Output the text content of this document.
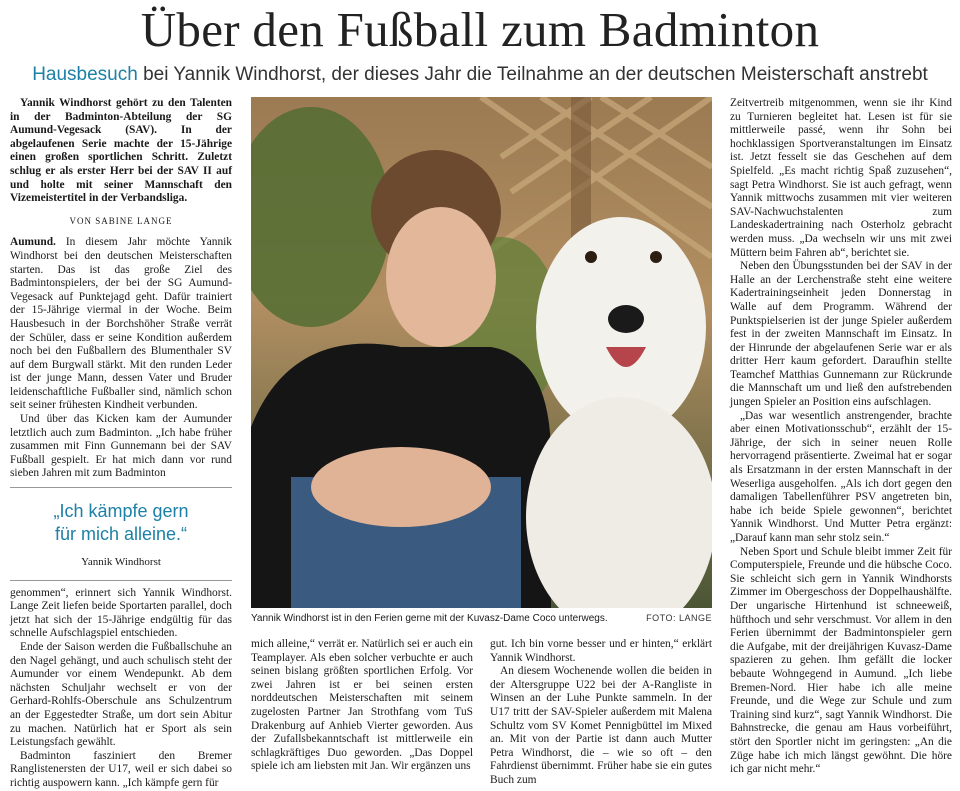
Über den Fußball zum Badminton
Hausbesuch bei Yannik Windhorst, der dieses Jahr die Teilnahme an der deutschen Meisterschaft anstrebt

Yannik Windhorst gehört zu den Talenten in der Badminton-Abteilung der SG Aumund-Vegesack (SAV). In der abgelaufenen Serie machte der 15-Jährige einen großen sportlichen Schritt. Zuletzt schlug er als erster Herr bei der SAV II auf und holte mit seiner Mannschaft den Vizemeistertitel in der Verbandsliga.

VON SABINE LANGE

Aumund. In diesem Jahr möchte Yannik Windhorst bei den deutschen Meisterschaften starten. Das ist das große Ziel des Badmintonspielers, der bei der SG Aumund-Vegesack auf Punktejagd geht. Dafür trainiert der 15-Jährige viermal in der Woche. Beim Hausbesuch in der Borchshöher Straße verrät der Schüler, dass er seine Kondition außerdem noch bei den Fußballern des Blumenthaler SV auf dem Burgwall stärkt. Mit den runden Leder ist der junge Mann, dessen Vater und Bruder leidenschaftliche Fußballer sind, nämlich schon seit seiner frühesten Kindheit verbunden.

Und über das Kicken kam der Aumunder letztlich auch zum Badminton. „Ich habe früher zusammen mit Finn Gunnemann bei der SAV Fußball gespielt. Er hat mich dann vor rund sieben Jahren mit zum Badminton

„Ich kämpfe gern
für mich alleine.“
Yannik Windhorst

genommen“, erinnert sich Yannik Windhorst. Lange Zeit liefen beide Sportarten parallel, doch jetzt hat sich der 15-Jährige endgültig für das schnelle Aufschlagspiel entschieden.

Ende der Saison werden die Fußballschuhe an den Nagel gehängt, und auch schulisch steht der Aumunder vor einem Wendepunkt. Ab dem nächsten Schuljahr wechselt er von der Gerhard-Rohlfs-Oberschule ans Schulzentrum an der Eggestedter Straße, um dort sein Abitur zu machen. Natürlich hat er Sport als sein Leistungsfach gewählt.

Badminton fasziniert den Bremer Ranglistenersten der U17, weil er sich dabei so richtig auspowern kann. „Ich kämpfe gern für

Yannik Windhorst ist in den Ferien gerne mit der Kuvasz-Dame Coco unterwegs.	FOTO: LANGE

mich alleine,“ verrät er. Natürlich sei er auch ein Teamplayer. Als eben solcher verbuchte er auch seinen bislang größten sportlichen Erfolg. Vor zwei Jahren ist er bei seinen ersten norddeutschen Meisterschaften mit seinem zugelosten Partner Jan Strothfang vom TuS Drakenburg auf Anhieb Vierter geworden. Aus der Zufallsbekanntschaft ist mittlerweile ein schlagkräftiges Duo geworden. „Das Doppel spiele ich am liebsten mit Jan. Wir ergänzen uns

gut. Ich bin vorne besser und er hinten,“ erklärt Yannik Windhorst.

An diesem Wochenende wollen die beiden in der Altersgruppe U22 bei der A-Rangliste in Winsen an der Luhe Punkte sammeln. In der U17 tritt der SAV-Spieler außerdem mit Malena Schultz vom SV Komet Pennigbüttel im Mixed an. Mit von der Partie ist dann auch Mutter Petra Windhorst, die – wie so oft – den Fahrdienst übernimmt. Früher habe sie ein gutes Buch zum

Zeitvertreib mitgenommen, wenn sie ihr Kind zu Turnieren begleitet hat. Lesen ist für sie mittlerweile passé, wenn ihr Sohn bei hochklassigen Sportveranstaltungen im Einsatz ist. Jetzt fesselt sie das Geschehen auf dem Spielfeld. „Es macht richtig Spaß zuzusehen“, sagt Petra Windhorst. Sie ist auch gefragt, wenn Yannik mittwochs zusammen mit vier weiteren SAV-Nachwuchstalenten zum Landeskadertraining nach Osterholz gebracht werden muss. „Da wechseln wir uns mit zwei Müttern beim Fahren ab“, berichtet sie.

Neben den Übungsstunden bei der SAV in der Halle an der Lerchenstraße steht eine weitere Kadertrainingseinheit jeden Donnerstag in Walle auf dem Programm. Während der Punktspielserien ist der junge Spieler außerdem fest in der zweiten Mannschaft im Einsatz. In der Hinrunde der abgelaufenen Serie war er als dritter Herr kaum gefordert. Daraufhin stellte Teamchef Matthias Gunnemann zur Rückrunde die Mannschaft um und ließ den aufstrebenden jungen Spieler an Position eins aufschlagen.

„Das war wesentlich anstrengender, brachte aber einen Motivationsschub“, erzählt der 15-Jährige, der sich in seiner neuen Rolle hervorragend präsentierte. Zweimal hat er sogar als Ersatzmann in der ersten Mannschaft in der Weserliga ausgeholfen. „Als ich dort gegen den damaligen Tabellenführer PSV angetreten bin, habe ich beide Spiele gewonnen“, berichtet Yannik Windhorst. Und Mutter Petra ergänzt: „Darauf kann man sehr stolz sein.“

Neben Sport und Schule bleibt immer Zeit für Computerspiele, Freunde und die hübsche Coco. Sie schleicht sich gern in Yannik Windhorsts Zimmer im Obergeschoss der Doppelhaushälfte. Der ungarische Hirtenhund ist schneeweiß, hüfthoch und sehr verschmust. Vor allem in den Ferien übernimmt der Badmintonspieler gern die Aufgabe, mit der dreijährigen Kuvasz-Dame spazieren zu gehen. Ihm gefällt die locker bebaute Wohngegend in Aumund. „Ich liebe Bremen-Nord. Hier habe ich alle meine Freunde, und die Wege zur Schule und zum Training sind kurz“, sagt Yannik Windhorst. Die Bahnstrecke, die genau am Haus vorbeiführt, stört den Sportler nicht im geringsten: „An die Züge habe ich mich längst gewöhnt. Die höre ich gar nicht mehr.“
